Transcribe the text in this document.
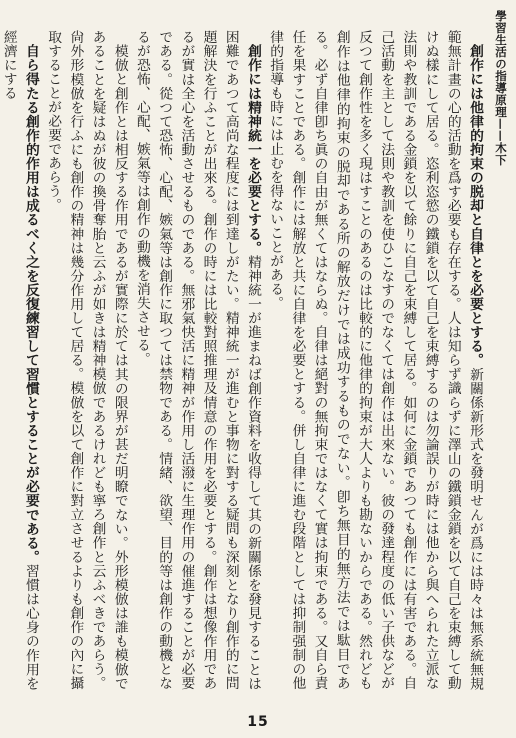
學習生活の指導原理——木下

創作には他律的拘束の脱却と自律とを必要とする。新關係新形式を發明せんが爲には時々は無系統無規範無計畫の心的活動を爲す必要も存在する。人は知らず識らずに澤山の鐵鎖金鎖を以て自己を束縛して動けぬ樣にして居る。恣利恣慾の鐵鎖を以て自己を束縛するのは勿論誤りが時には他から與へられた立派な法則や教訓である金鎖を以て餘りに自己を束縛して居る。如何に金鎖であつても創作には有害である。自己活動を主として法則や教訓を使ひこなすのでなくては創作は出來ない。彼の發達程度の低い子供などが反つて創作性を多く現はすことのあるのは比較的に他律的拘束が大人よりも勘ないからである。然れども創作は他律的拘束の脱却である所の解放だけでは成功するものでない。卽ち無目的無方法では駄目である。必ず自律卽ち眞の自由が無くてはならぬ。自律は絕對の無拘束ではなくて實は拘束である。又自ら責任を果すことである。創作には解放と共に自律を必要とする。併し自律に進む段階としては抑制强制の他律的指導も時には止むを得ないことがある。

創作には精神統一を必要とする。精神統一が進まねば創作資料を收得して其の新關係を發見することは困難であつて高尚な程度には到達しがたい。精神統一が進むと事物に對する疑問も深刻となり創作的に問題解決を行ふことが出來る。創作の時には比較對照推理及情意の作用を必要とする。創作は想像作用であるが實は全心を活動させるものである。無邪氣快活に精神が作用し活潑に生理作用の催進することが必要である。從つて恐怖、心配、嫉氣等は創作に取つては禁物である。情緒、欲望、目的等は創作の動機となるが恐怖、心配、嫉氣等は創作の動機を消失させる。

模倣と創作とは相反する作用であるが實際に於ては其の限界が甚だ明瞭でない。外形模倣は誰も模倣であることを疑はぬが彼の換骨奪胎と云ふが如きは精神模倣であるけれども寧ろ創作と云ふべきであらう。尙外形模倣を行ふにも創作の精神は幾分作用して居る。模倣を以て創作に對立させるよりも創作の內に攝取することが必要であらう。

自ら得たる創作的作用は成るべく之を反復練習して習慣とすることが必要である。習慣は心身の作用を經濟にする

15
